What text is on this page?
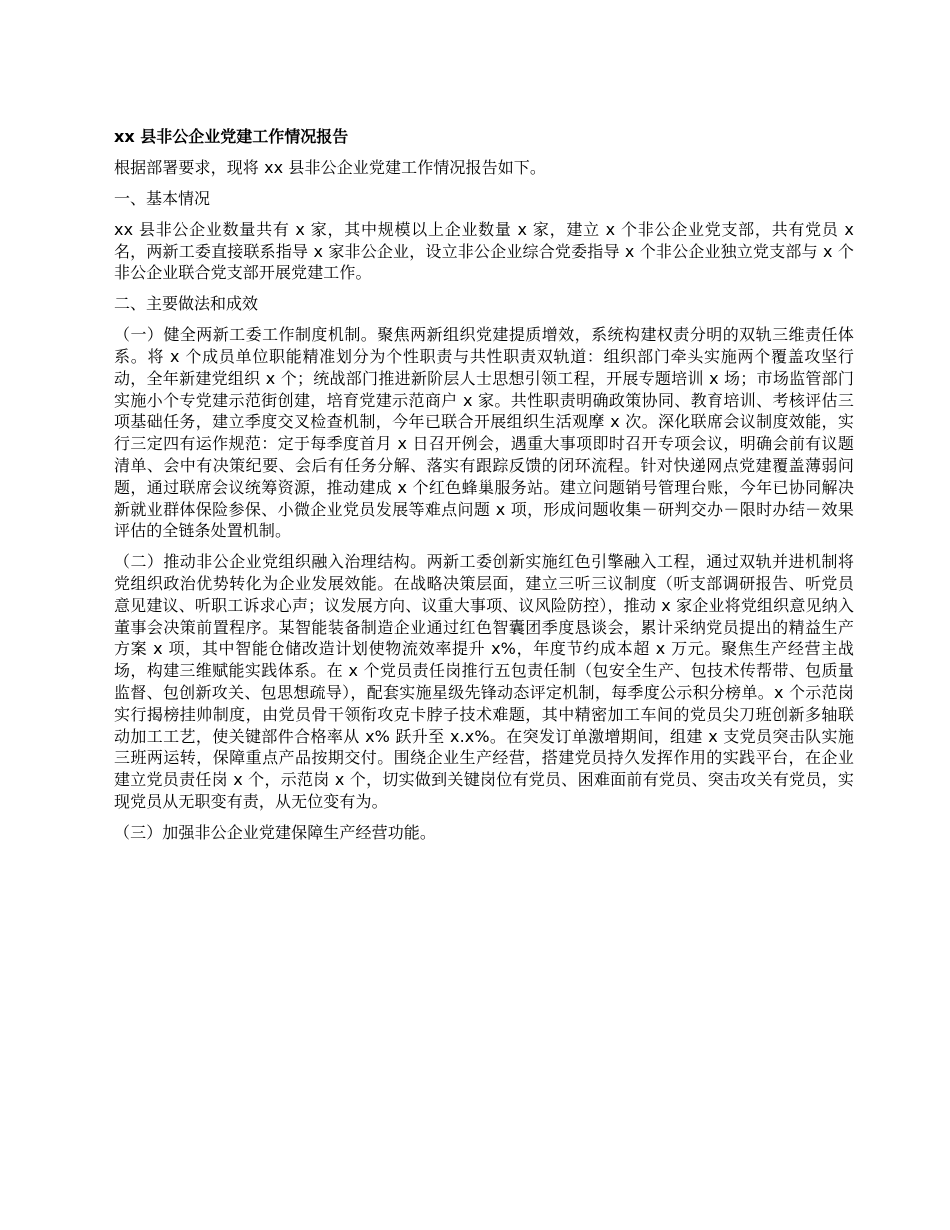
xx 县非公企业党建工作情况报告
根据部署要求，现将 xx 县非公企业党建工作情况报告如下。
一、基本情况
xx 县非公企业数量共有 x 家，其中规模以上企业数量 x 家，建立 x 个非公企业党支部，共有党员 x 名，两新工委直接联系指导 x 家非公企业，设立非公企业综合党委指导 x 个非公企业独立党支部与 x 个非公企业联合党支部开展党建工作。
二、主要做法和成效
（一）健全两新工委工作制度机制。聚焦两新组织党建提质增效，系统构建权责分明的双轨三维责任体系。将 x 个成员单位职能精准划分为个性职责与共性职责双轨道：组织部门牵头实施两个覆盖攻坚行动，全年新建党组织 x 个；统战部门推进新阶层人士思想引领工程，开展专题培训 x 场；市场监管部门实施小个专党建示范街创建，培育党建示范商户 x 家。共性职责明确政策协同、教育培训、考核评估三项基础任务，建立季度交叉检查机制，今年已联合开展组织生活观摩 x 次。深化联席会议制度效能，实行三定四有运作规范：定于每季度首月 x 日召开例会，遇重大事项即时召开专项会议，明确会前有议题清单、会中有决策纪要、会后有任务分解、落实有跟踪反馈的闭环流程。针对快递网点党建覆盖薄弱问题，通过联席会议统筹资源，推动建成 x 个红色蜂巢服务站。建立问题销号管理台账，今年已协同解决新就业群体保险参保、小微企业党员发展等难点问题 x 项，形成问题收集－研判交办－限时办结－效果评估的全链条处置机制。
（二）推动非公企业党组织融入治理结构。两新工委创新实施红色引擎融入工程，通过双轨并进机制将党组织政治优势转化为企业发展效能。在战略决策层面，建立三听三议制度（听支部调研报告、听党员意见建议、听职工诉求心声；议发展方向、议重大事项、议风险防控），推动 x 家企业将党组织意见纳入董事会决策前置程序。某智能装备制造企业通过红色智囊团季度恳谈会，累计采纳党员提出的精益生产方案 x 项，其中智能仓储改造计划使物流效率提升 x%，年度节约成本超 x 万元。聚焦生产经营主战场，构建三维赋能实践体系。在 x 个党员责任岗推行五包责任制（包安全生产、包技术传帮带、包质量监督、包创新攻关、包思想疏导），配套实施星级先锋动态评定机制，每季度公示积分榜单。x 个示范岗实行揭榜挂帅制度，由党员骨干领衔攻克卡脖子技术难题，其中精密加工车间的党员尖刀班创新多轴联动加工工艺，使关键部件合格率从 x% 跃升至 x.x%。在突发订单激增期间，组建 x 支党员突击队实施三班两运转，保障重点产品按期交付。围绕企业生产经营，搭建党员持久发挥作用的实践平台，在企业建立党员责任岗 x 个，示范岗 x 个，切实做到关键岗位有党员、困难面前有党员、突击攻关有党员，实现党员从无职变有责，从无位变有为。
（三）加强非公企业党建保障生产经营功能。
